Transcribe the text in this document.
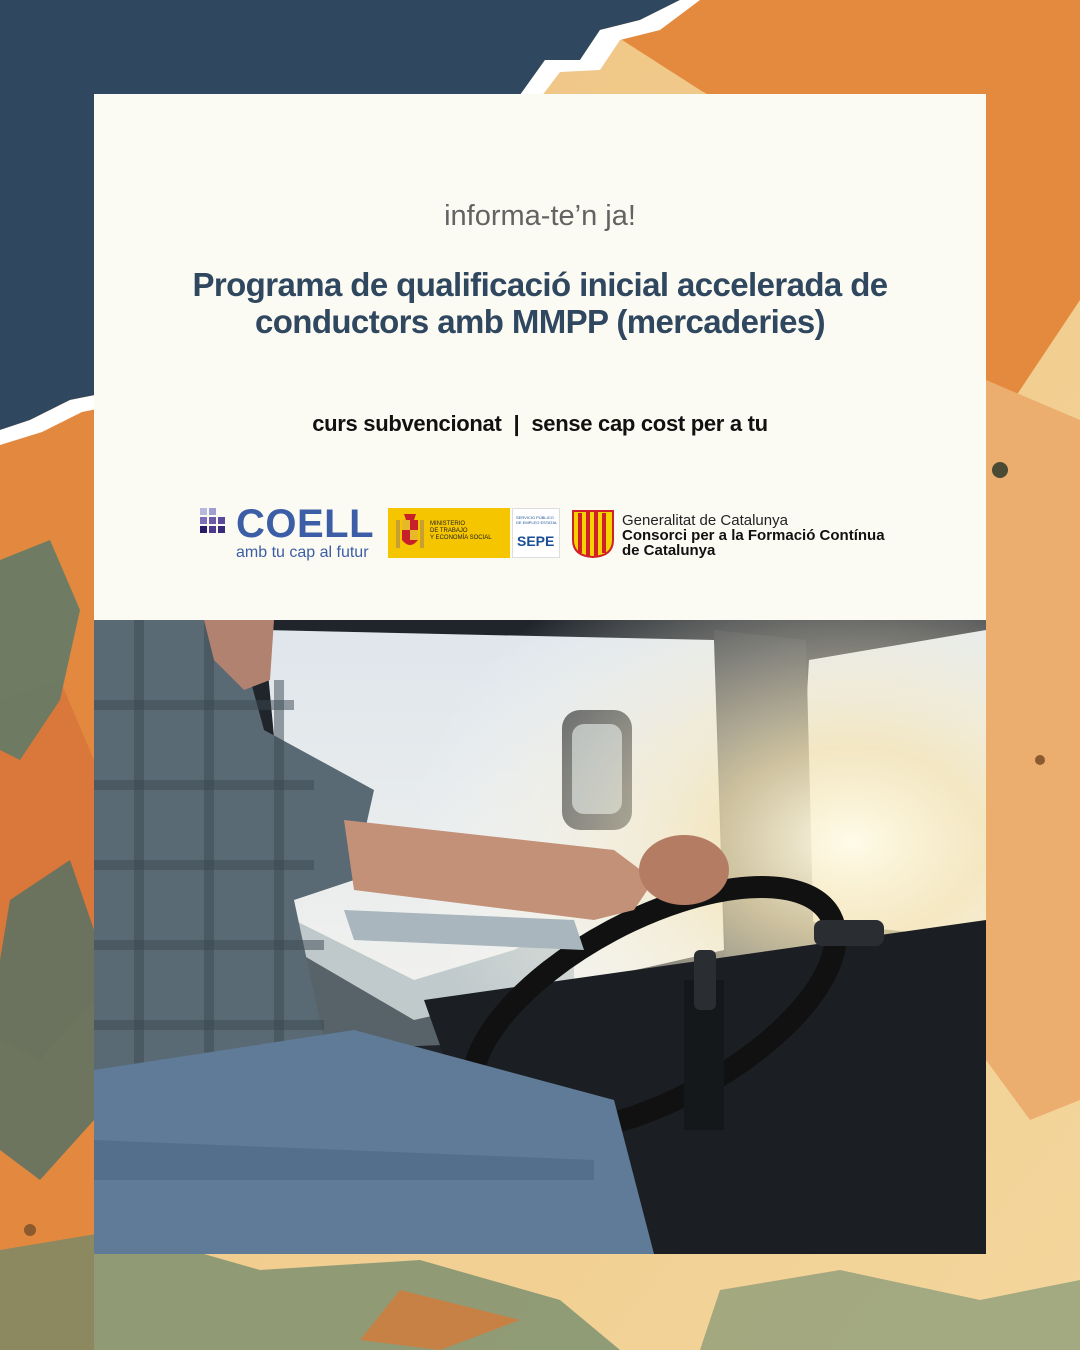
informa-te’n ja!
Programa de qualificació inicial accelerada de conductors amb MMPP (mercaderies)
curs subvencionat | sense cap cost per a tu
COELL
amb tu cap al futur
MINISTERIO
DE TRABAJO
Y ECONOMÍA SOCIAL
SERVICIO PÚBLICO
DE EMPLEO ESTATAL
SEPE
Generalitat de Catalunya
Consorci per a la Formació Contínua
de Catalunya
